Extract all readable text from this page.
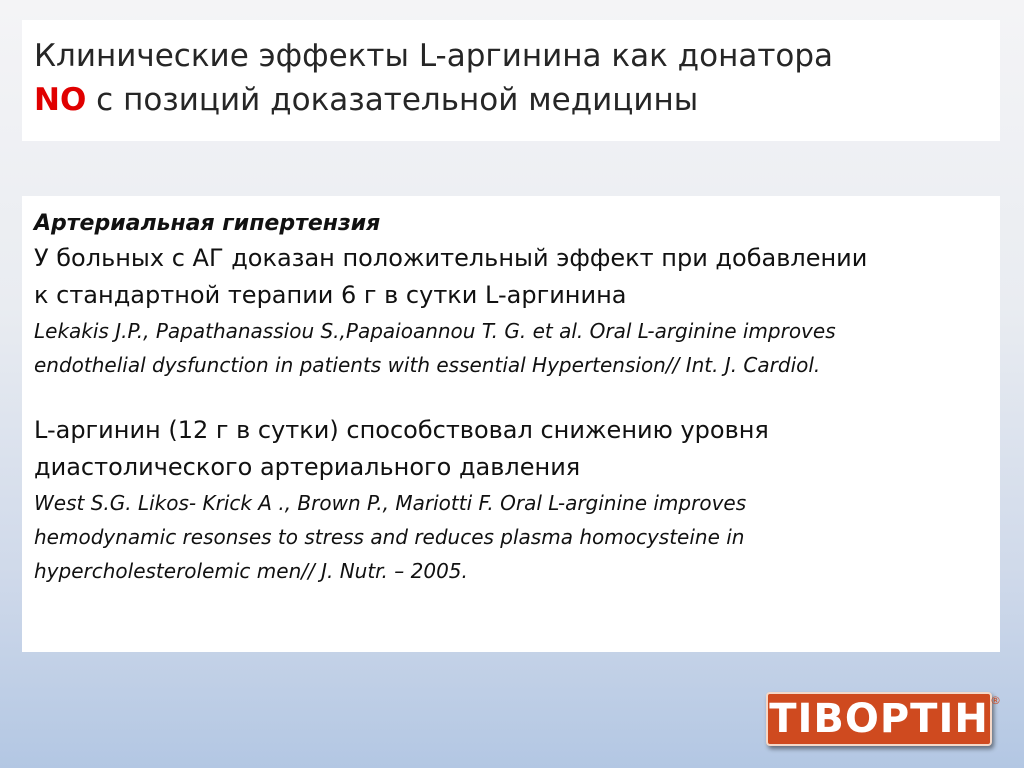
Клинические эффекты L-аргинина как донатора
NO с позиций доказательной медицины
Артериальная гипертензия
У больных с АГ доказан положительный эффект при добавлении
к стандартной терапии 6 г в сутки L-аргинина
Lekakis J.P., Papathanassiou S.,Papaioannou T. G. et al. Oral L-arginine improves
endothelial dysfunction in patients with essential Hypertension// Int. J. Cardiol.
L-аргинин (12 г в сутки) способствовал снижению уровня
диастолического артериального давления
West S.G. Likos- Krick A ., Brown P., Mariotti F. Oral L-arginine improves
hemodynamic resonses to stress and reduces plasma homocysteine in
hypercholesterolemic men// J. Nutr. – 2005.
ТІВОРТІН ®
